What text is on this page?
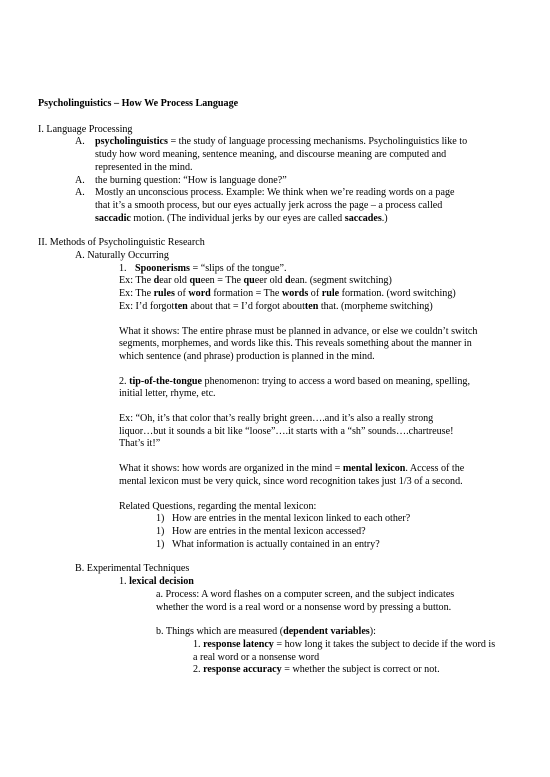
Psycholinguistics – How We Process Language

I. Language Processing

A.	psycholinguistics = the study of language processing mechanisms. Psycholinguistics like to

study how word meaning, sentence meaning, and discourse meaning are computed and

represented in the mind.

A.	the burning question: “How is language done?”

A.	Mostly an unconscious process. Example: We think when we’re reading words on a page

that it’s a smooth process, but our eyes actually jerk across the page – a process called

saccadic motion. (The individual jerks by our eyes are called saccades.)

II. Methods of Psycholinguistic Research

A. Naturally Occurring

1. Spoonerisms = “slips of the tongue”.

Ex: The dear old queen = The queer old dean. (segment switching)

Ex: The rules of word formation = The words of rule formation. (word switching)

Ex: I’d forgotten about that = I’d forgot aboutten that. (morpheme switching)

What it shows: The entire phrase must be planned in advance, or else we couldn’t switch

segments, morphemes, and words like this. This reveals something about the manner in

which sentence (and phrase) production is planned in the mind.

2. tip-of-the-tongue phenomenon: trying to access a word based on meaning, spelling,

initial letter, rhyme, etc.

Ex: “Oh, it’s that color that’s really bright green….and it’s also a really strong

liquor…but it sounds a bit like “loose”….it starts with a “sh” sounds….chartreuse!

That’s it!”

What it shows: how words are organized in the mind = mental lexicon. Access of the

mental lexicon must be very quick, since word recognition takes just 1/3 of a second.

Related Questions, regarding the mental lexicon:

1) How are entries in the mental lexicon linked to each other?

1) How are entries in the mental lexicon accessed?

1) What information is actually contained in an entry?

B. Experimental Techniques

1. lexical decision

a. Process: A word flashes on a computer screen, and the subject indicates

whether the word is a real word or a nonsense word by pressing a button.

b. Things which are measured (dependent variables):

1. response latency = how long it takes the subject to decide if the word is

a real word or a nonsense word

2. response accuracy = whether the subject is correct or not.
